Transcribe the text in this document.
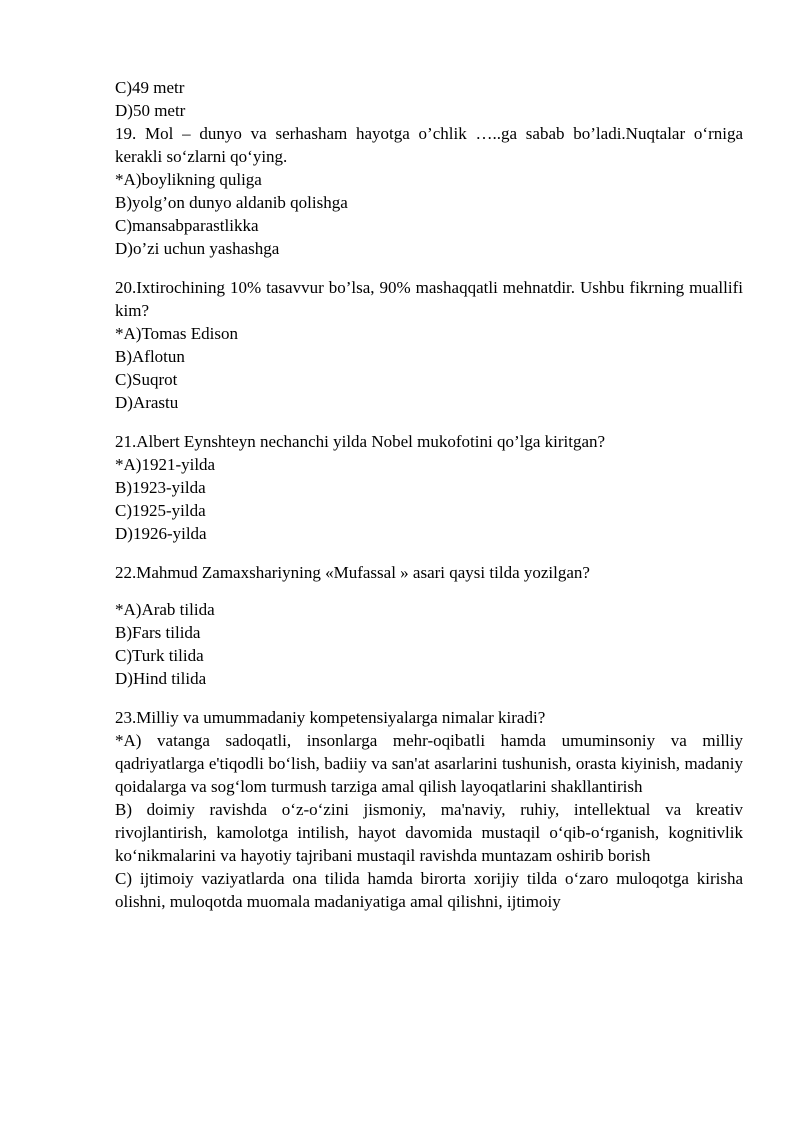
C)49 metr
D)50 metr
19. Mol – dunyo va serhasham hayotga o’chlik …..ga sabab bo’ladi.Nuqtalar o‘rniga kerakli so‘zlarni qo‘ying.
*A)boylikning quliga
B)yolg’on dunyo aldanib qolishga
C)mansabparastlikka
D)o’zi uchun yashashga
20.Ixtirochining 10% tasavvur bo’lsa, 90% mashaqqatli mehnatdir. Ushbu fikrning muallifi kim?
*A)Tomas Edison
B)Aflotun
C)Suqrot
D)Arastu
21.Albert Eynshteyn nechanchi yilda Nobel mukofotini qo’lga kiritgan?
*A)1921-yilda
B)1923-yilda
C)1925-yilda
D)1926-yilda
22.Mahmud Zamaxshariyning «Mufassal » asari qaysi tilda yozilgan?
*A)Arab tilida
B)Fars tilida
C)Turk tilida
D)Hind tilida
23.Milliy va umummadaniy kompetensiyalarga nimalar kiradi?
*A) vatanga sadoqatli, insonlarga mehr-oqibatli hamda umuminsoniy va milliy qadriyatlarga e'tiqodli bo‘lish, badiiy va san'at asarlarini tushunish, orasta kiyinish, madaniy qoidalarga va sog‘lom turmush tarziga amal qilish layoqatlarini shakllantirish
B) doimiy ravishda o‘z-o‘zini jismoniy, ma'naviy, ruhiy, intellektual va kreativ rivojlantirish, kamolotga intilish, hayot davomida mustaqil o‘qib-o‘rganish, kognitivlik ko‘nikmalarini va hayotiy tajribani mustaqil ravishda muntazam oshirib borish
C) ijtimoiy vaziyatlarda ona tilida hamda birorta xorijiy tilda o‘zaro muloqotga kirisha olishni, muloqotda muomala madaniyatiga amal qilishni, ijtimoiy
